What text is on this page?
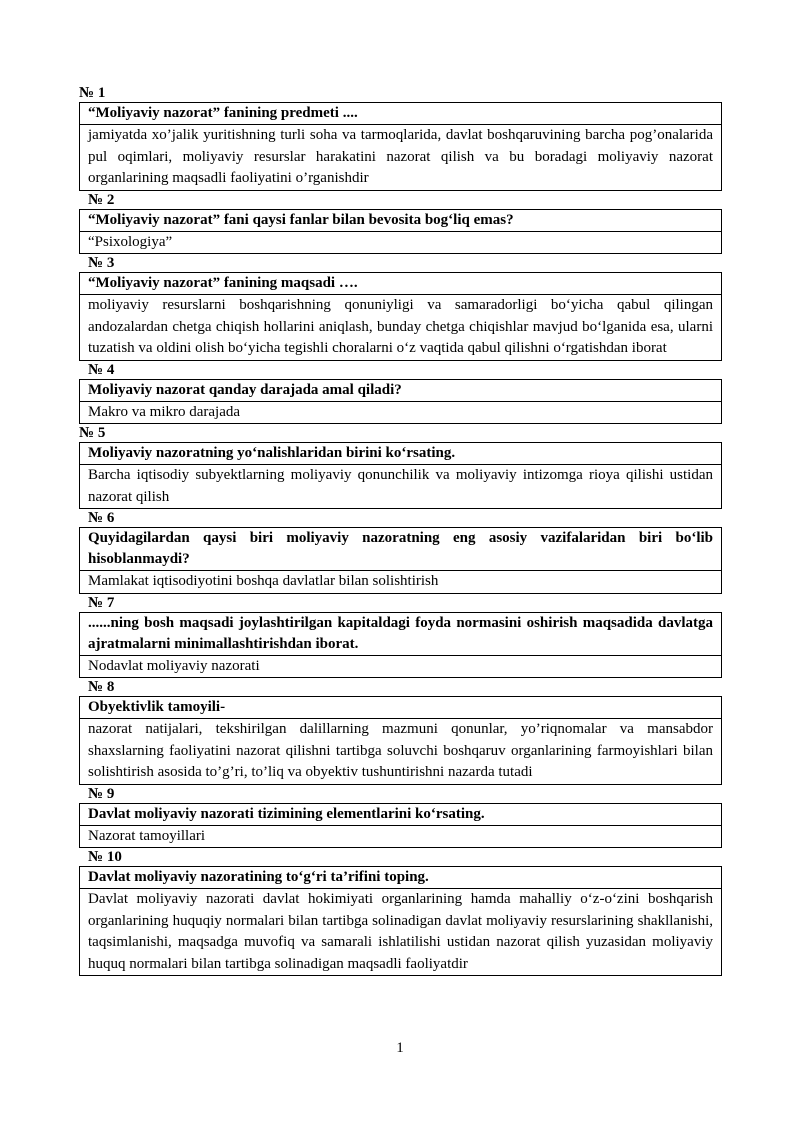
№ 1
“Moliyaviy nazorat” fanining predmeti ....
jamiyatda xo’jalik yuritishning turli soha va tarmoqlarida, davlat boshqaruvining barcha pog’onalarida pul oqimlari, moliyaviy resurslar harakatini nazorat qilish va bu boradagi moliyaviy nazorat organlarining maqsadli faoliyatini o’rganishdir
№ 2
“Moliyaviy nazorat” fani qaysi fanlar bilan bevosita bog‘liq emas?
“Psixologiya”
№ 3
“Moliyaviy nazorat” fanining maqsadi ….
moliyaviy resurslarni boshqarishning qonuniyligi va samaradorligi bo‘yicha qabul qilingan andozalardan chetga chiqish hollarini aniqlash, bunday chetga chiqishlar mavjud bo‘lganida esa, ularni tuzatish va oldini olish bo‘yicha tegishli choralarni o‘z vaqtida qabul qilishni o‘rgatishdan iborat
№ 4
Moliyaviy nazorat qanday darajada amal qiladi?
Makro va mikro darajada
№ 5
Moliyaviy nazoratning yo‘nalishlaridan birini ko‘rsating.
Barcha iqtisodiy subyektlarning moliyaviy qonunchilik va moliyaviy intizomga rioya qilishi ustidan nazorat qilish
№ 6
Quyidagilardan qaysi biri moliyaviy nazoratning eng asosiy vazifalaridan biri bo‘lib hisoblanmaydi?
Mamlakat iqtisodiyotini boshqa davlatlar bilan solishtirish
№ 7
......ning bosh maqsadi joylashtirilgan kapitaldagi foyda normasini oshirish maqsadida davlatga ajratmalarni minimallashtirishdan iborat.
Nodavlat moliyaviy nazorati
№ 8
Obyektivlik tamoyili-
nazorat natijalari, tekshirilgan dalillarning mazmuni qonunlar, yo’riqnomalar va mansabdor shaxslarning faoliyatini nazorat qilishni tartibga soluvchi boshqaruv organlarining farmoyishlari bilan solishtirish asosida to’g’ri, to’liq va obyektiv tushuntirishni nazarda tutadi
№ 9
Davlat moliyaviy nazorati tizimining elementlarini ko‘rsating.
Nazorat tamoyillari
№ 10
Davlat moliyaviy nazoratining to‘g‘ri ta’rifini toping.
Davlat moliyaviy nazorati davlat hokimiyati organlarining hamda mahalliy o‘z-o‘zini boshqarish organlarining huquqiy normalari bilan tartibga solinadigan davlat moliyaviy resurslarining shakllanishi, taqsimlanishi, maqsadga muvofiq va samarali ishlatilishi ustidan nazorat qilish yuzasidan moliyaviy huquq normalari bilan tartibga solinadigan maqsadli faoliyatdir
1
